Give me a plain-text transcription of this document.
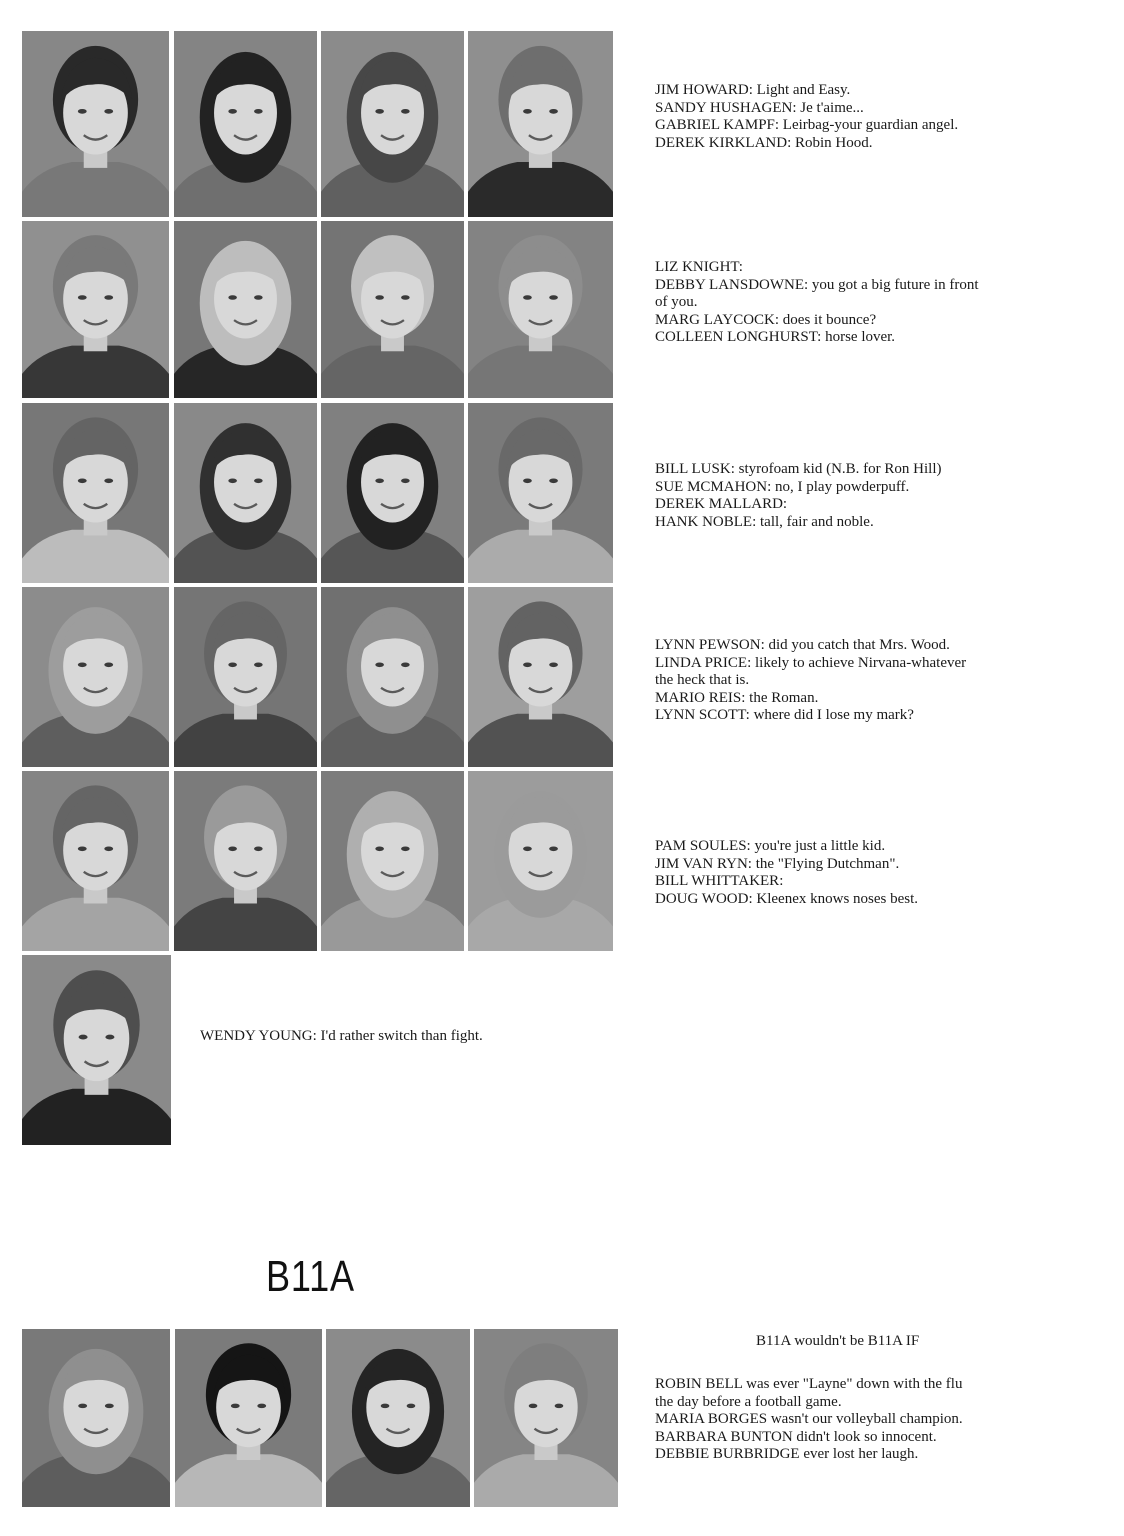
JIM HOWARD: Light and Easy.
SANDY HUSHAGEN: Je t'aime...
GABRIEL KAMPF: Leirbag-your guardian angel.
DEREK KIRKLAND: Robin Hood.
LIZ KNIGHT:
DEBBY LANSDOWNE: you got a big future in front
of you.
MARG LAYCOCK: does it bounce?
COLLEEN LONGHURST: horse lover.
BILL LUSK: styrofoam kid (N.B. for Ron Hill)
SUE MCMAHON: no, I play powderpuff.
DEREK MALLARD:
HANK NOBLE: tall, fair and noble.
LYNN PEWSON: did you catch that Mrs. Wood.
LINDA PRICE: likely to achieve Nirvana-whatever
the heck that is.
MARIO REIS: the Roman.
LYNN SCOTT: where did I lose my mark?
PAM SOULES: you're just a little kid.
JIM VAN RYN: the "Flying Dutchman".
BILL WHITTAKER:
DOUG WOOD: Kleenex knows noses best.
WENDY YOUNG: I'd rather switch than fight.
B11A
B11A wouldn't be B11A IF
ROBIN BELL was ever "Layne" down with the flu
the day before a football game.
MARIA BORGES wasn't our volleyball champion.
BARBARA BUNTON didn't look so innocent.
DEBBIE BURBRIDGE ever lost her laugh.
